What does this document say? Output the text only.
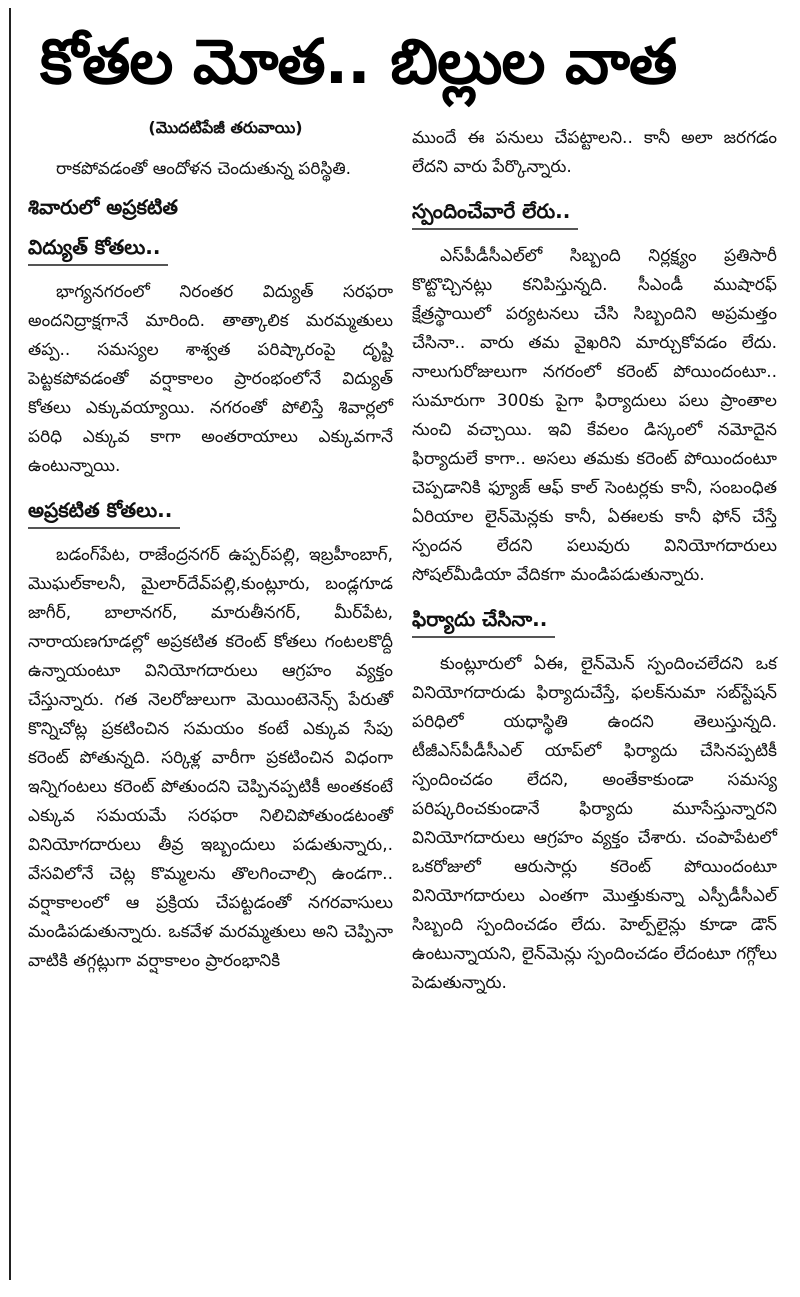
కోతల మోత.. బిల్లుల వాత
(మొదటిపేజీ తరువాయి)
రాకపోవడంతో ఆందోళన చెందుతున్న పరిస్థితి.
శివారులో అప్రకటిత
విద్యుత్ కోతలు..
భాగ్యనగరంలో నిరంతర విద్యుత్ సరఫరా అందనిద్రాక్షగానే మారింది. తాత్కాలిక మరమ్మతులు తప్ప.. సమస్యల శాశ్వత పరిష్కారంపై దృష్టి పెట్టకపోవడంతో వర్షాకాలం ప్రారంభంలోనే విద్యుత్ కోతలు ఎక్కువయ్యాయి. నగరంతో పోలిస్తే శివార్లలో పరిధి ఎక్కువ కాగా అంతరాయాలు ఎక్కువగానే ఉంటున్నాయి.
అప్రకటిత కోతలు..
బడంగ్‌పేట, రాజేంద్రనగర్ ఉప్పర్‌పల్లి, ఇబ్రహీంబాగ్, మొఘల్‌కాలనీ, మైలార్‌దేవ్‌పల్లి,కుంట్లూరు, బండ్లగూడ జాగీర్, బాలానగర్, మారుతీనగర్, మీర్‌పేట, నారాయణగూడల్లో అప్రకటిత కరెంట్ కోతలు గంటలకొద్దీ ఉన్నాయంటూ వినియోగదారులు ఆగ్రహం వ్యక్తం చేస్తున్నారు. గత నెలరోజులుగా మెయింటెనెన్స్ పేరుతో కొన్నిచోట్ల ప్రకటించిన సమయం కంటే ఎక్కువ సేపు కరెంట్ పోతున్నది. సర్కిళ్ల వారీగా ప్రకటించిన విధంగా ఇన్నిగంటలు కరెంట్ పోతుందని చెప్పినప్పటికీ అంతకంటే ఎక్కువ సమయమే సరఫరా నిలిచిపోతుండటంతో వినియోగదారులు తీవ్ర ఇబ్బందులు పడుతున్నారు,. వేసవిలోనే చెట్ల కొమ్మలను తొలగించాల్సి ఉండగా.. వర్షాకాలంలో ఆ ప్రక్రియ చేపట్టడంతో నగరవాసులు మండిపడుతున్నారు. ఒకవేళ మరమ్మతులు అని చెప్పినా వాటికి తగ్గట్లుగా వర్షాకాలం ప్రారంభానికి
ముందే ఈ పనులు చేపట్టాలని.. కానీ అలా జరగడం లేదని వారు పేర్కొన్నారు.
స్పందించేవారే లేరు..
ఎస్‌పీడీసీఎల్‌లో సిబ్బంది నిర్లక్ష్యం ప్రతిసారీ కొట్టొచ్చినట్లు కనిపిస్తున్నది. సీఎండీ ముషారఫ్ క్షేత్రస్థాయిలో పర్యటనలు చేసి సిబ్బందిని అప్రమత్తం చేసినా.. వారు తమ వైఖరిని మార్చుకోవడం లేదు. నాలుగురోజులుగా నగరంలో కరెంట్ పోయిందంటూ.. సుమారుగా 300కు పైగా ఫిర్యాదులు పలు ప్రాంతాల నుంచి వచ్చాయి. ఇవి కేవలం డిస్కంలో నమోదైన ఫిర్యాదులే కాగా.. అసలు తమకు కరెంట్ పోయిందంటూ చెప్పడానికి ఫ్యూజ్ ఆఫ్ కాల్ సెంటర్లకు కానీ, సంబంధిత ఏరియాల లైన్‌మెన్లకు కానీ, ఏఈలకు కానీ ఫోన్ చేస్తే స్పందన లేదని పలువురు వినియోగదారులు సోషల్‌మీడియా వేదికగా మండిపడుతున్నారు.
ఫిర్యాదు చేసినా..
కుంట్లూరులో ఏఈ, లైన్‌మెన్ స్పందించలేదని ఒక వినియోగదారుడు ఫిర్యాదుచేస్తే, ఫలక్‌నుమా సబ్‌స్టేషన్ పరిధిలో యధాస్థితి ఉందని తెలుస్తున్నది. టీజీఎస్‌పీడీసీఎల్ యాప్‌లో ఫిర్యాదు చేసినప్పటికీ స్పందించడం లేదని, అంతేకాకుండా సమస్య పరిష్కరించకుండానే ఫిర్యాదు మూసేస్తున్నారని వినియోగదారులు ఆగ్రహం వ్యక్తం చేశారు. చంపాపేటలో ఒకరోజులో ఆరుసార్లు కరెంట్ పోయిందంటూ వినియోగదారులు ఎంతగా మొత్తుకున్నా ఎస్పీడీసీఎల్ సిబ్బంది స్పందించడం లేదు. హెల్ప్‌లైన్లు కూడా డౌన్ ఉంటున్నాయని, లైన్‌మెన్లు స్పందించడం లేదంటూ గగ్గోలు పెడుతున్నారు.
